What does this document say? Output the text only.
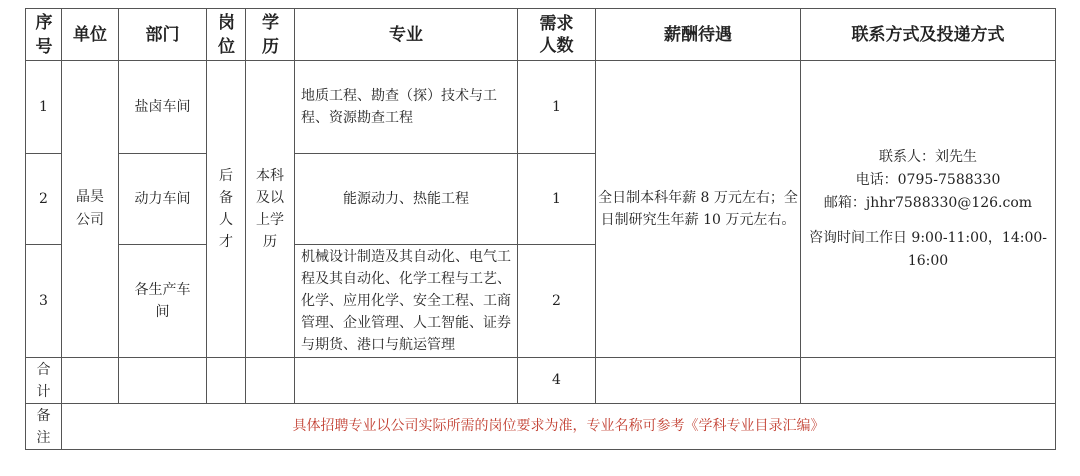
序号	单位	部门	岗位	学历	专业	需求人数	薪酬待遇	联系方式及投递方式
1	晶昊公司	盐卤车间	后备人才	本科及以上学历	地质工程、勘查（探）技术与工程、资源勘查工程	1	全日制本科年薪 8 万元左右；全日制研究生年薪 10 万元左右。	联系人：刘先生
电话：0795-7588330
邮箱：jhhr7588330@126.com
咨询时间工作日 9:00-11:00，14:00-16:00

2		动力车间			能源动力、热能工程	1		
3		各生产车间			机械设计制造及其自动化、电气工程及其自动化、化学工程与工艺、化学、应用化学、安全工程、工商管理、企业管理、人工智能、证券与期货、港口与航运管理	2		

合计						4		

备注	具体招聘专业以公司实际所需的岗位要求为准，专业名称可参考《学科专业目录汇编》							
